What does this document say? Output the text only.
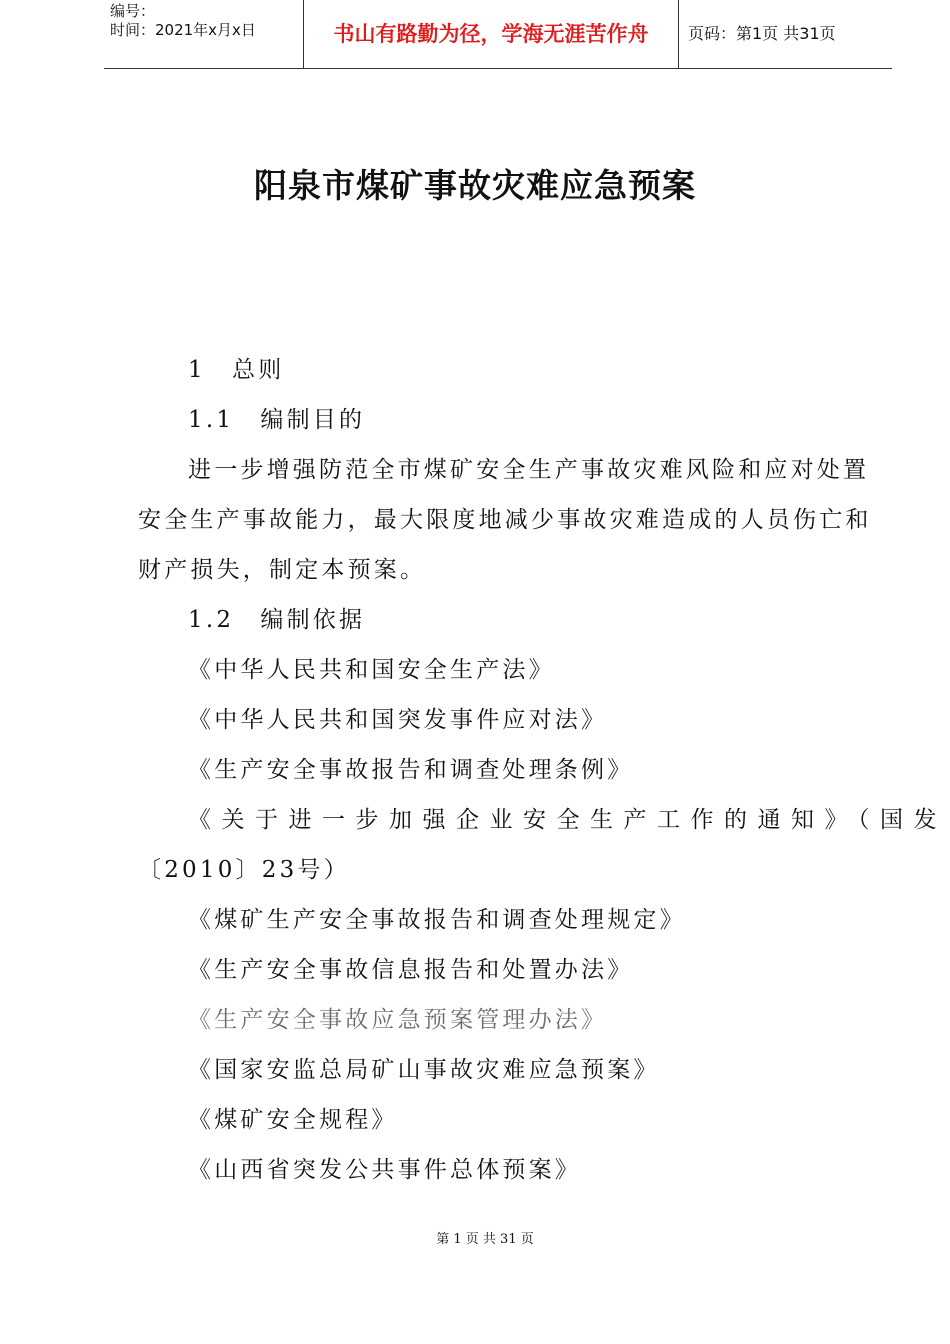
编号：
时间：2021年x月x日	书山有路勤为径，学海无涯苦作舟	页码：第1页 共31页
阳泉市煤矿事故灾难应急预案
1　总则
1.1　编制目的
进一步增强防范全市煤矿安全生产事故灾难风险和应对处置
安全生产事故能力，最大限度地减少事故灾难造成的人员伤亡和
财产损失，制定本预案。
1.2　编制依据
《中华人民共和国安全生产法》
《中华人民共和国突发事件应对法》
《生产安全事故报告和调查处理条例》
《关于进一步加强企业安全生产工作的通知》（国发
〔2010〕23号）
《煤矿生产安全事故报告和调查处理规定》
《生产安全事故信息报告和处置办法》
《生产安全事故应急预案管理办法》
《国家安监总局矿山事故灾难应急预案》
《煤矿安全规程》
《山西省突发公共事件总体预案》
第 1 页 共 31 页
